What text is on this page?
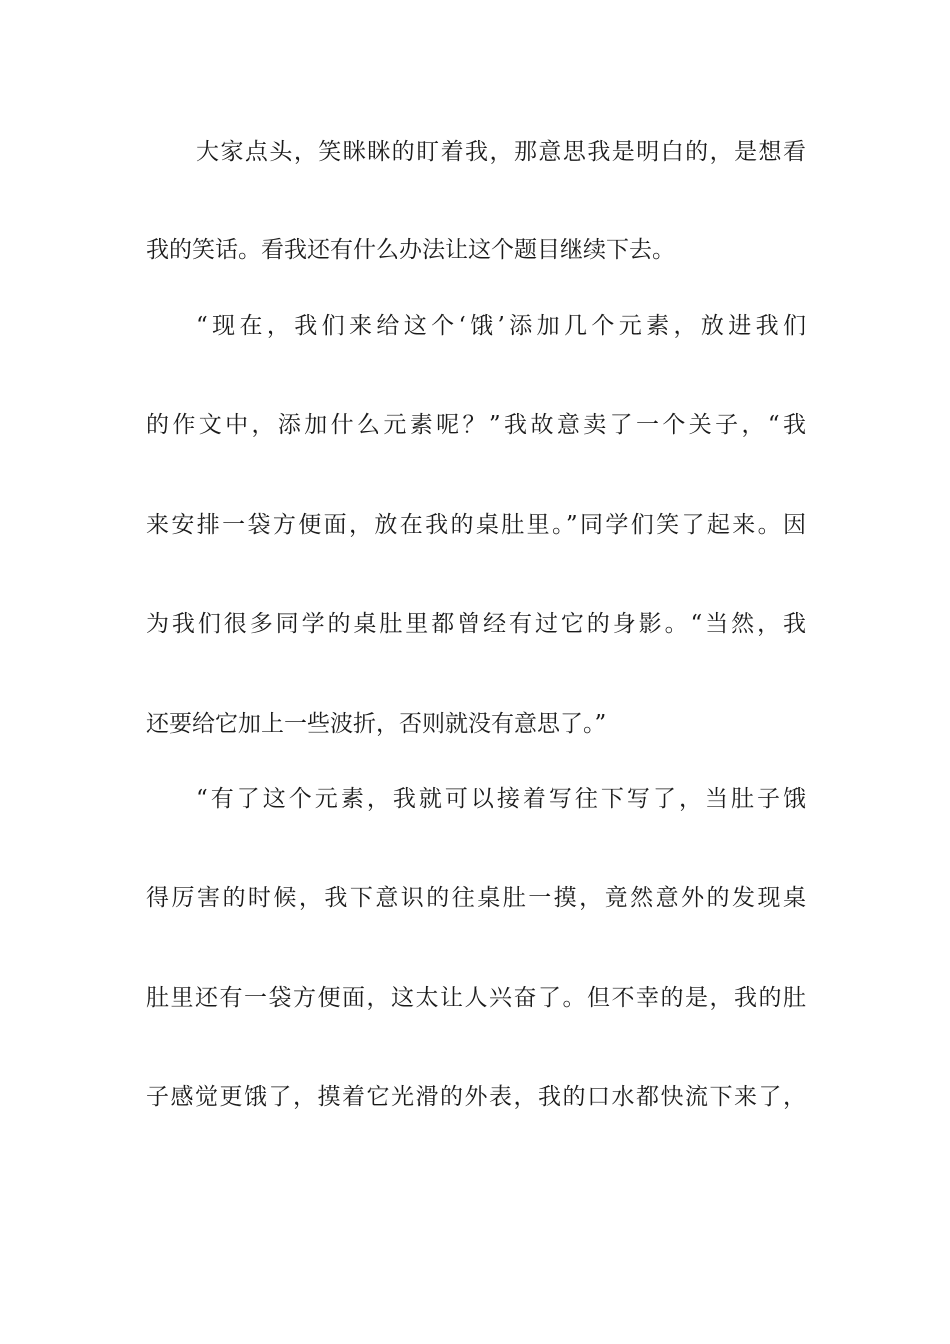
大家点头，笑眯眯的盯着我，那意思我是明白的，是想看
我的笑话。看我还有什么办法让这个题目继续下去。
“现在，我们来给这个‘饿’添加几个元素，放进我们
的作文中，添加什么元素呢？”我故意卖了一个关子，“我
来安排一袋方便面，放在我的桌肚里。”同学们笑了起来。因
为我们很多同学的桌肚里都曾经有过它的身影。“当然，我
还要给它加上一些波折，否则就没有意思了。”
“有了这个元素，我就可以接着写往下写了，当肚子饿
得厉害的时候，我下意识的往桌肚一摸，竟然意外的发现桌
肚里还有一袋方便面，这太让人兴奋了。但不幸的是，我的肚
子感觉更饿了，摸着它光滑的外表，我的口水都快流下来了，
